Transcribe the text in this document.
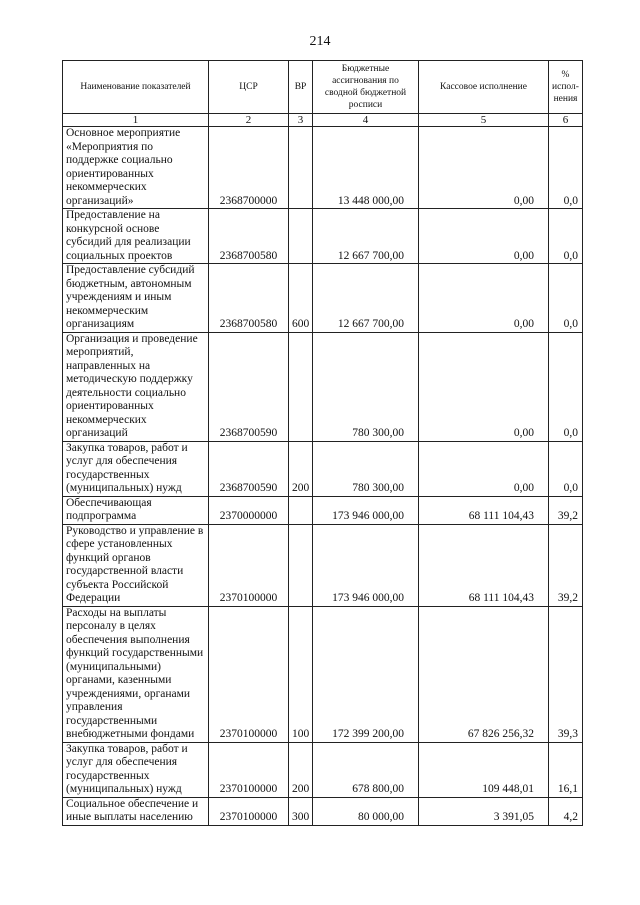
214
Наименование показателей	ЦСР	ВР	Бюджетные ассигнования по сводной бюджетной росписи	Кассовое исполнение	% испол-нения
1	2	3	4	5	6
Основное мероприятие «Мероприятия по поддержке социально ориентированных некоммерческих организаций»	2368700000		13 448 000,00	0,00	0,0
Предоставление на конкурсной основе субсидий для реализации социальных проектов	2368700580		12 667 700,00	0,00	0,0
Предоставление субсидий бюджетным, автономным учреждениям и иным некоммерческим организациям	2368700580	600	12 667 700,00	0,00	0,0
Организация и проведение мероприятий, направленных на методическую поддержку деятельности социально ориентированных некоммерческих организаций	2368700590		780 300,00	0,00	0,0
Закупка товаров, работ и услуг для обеспечения государственных (муниципальных) нужд	2368700590	200	780 300,00	0,00	0,0
Обеспечивающая подпрограмма	2370000000		173 946 000,00	68 111 104,43	39,2
Руководство и управление в сфере установленных функций органов государственной власти субъекта Российской Федерации	2370100000		173 946 000,00	68 111 104,43	39,2
Расходы на выплаты персоналу в целях обеспечения выполнения функций государственными (муниципальными) органами, казенными учреждениями, органами управления государственными внебюджетными фондами	2370100000	100	172 399 200,00	67 826 256,32	39,3
Закупка товаров, работ и услуг для обеспечения государственных (муниципальных) нужд	2370100000	200	678 800,00	109 448,01	16,1
Социальное обеспечение и иные выплаты населению	2370100000	300	80 000,00	3 391,05	4,2
